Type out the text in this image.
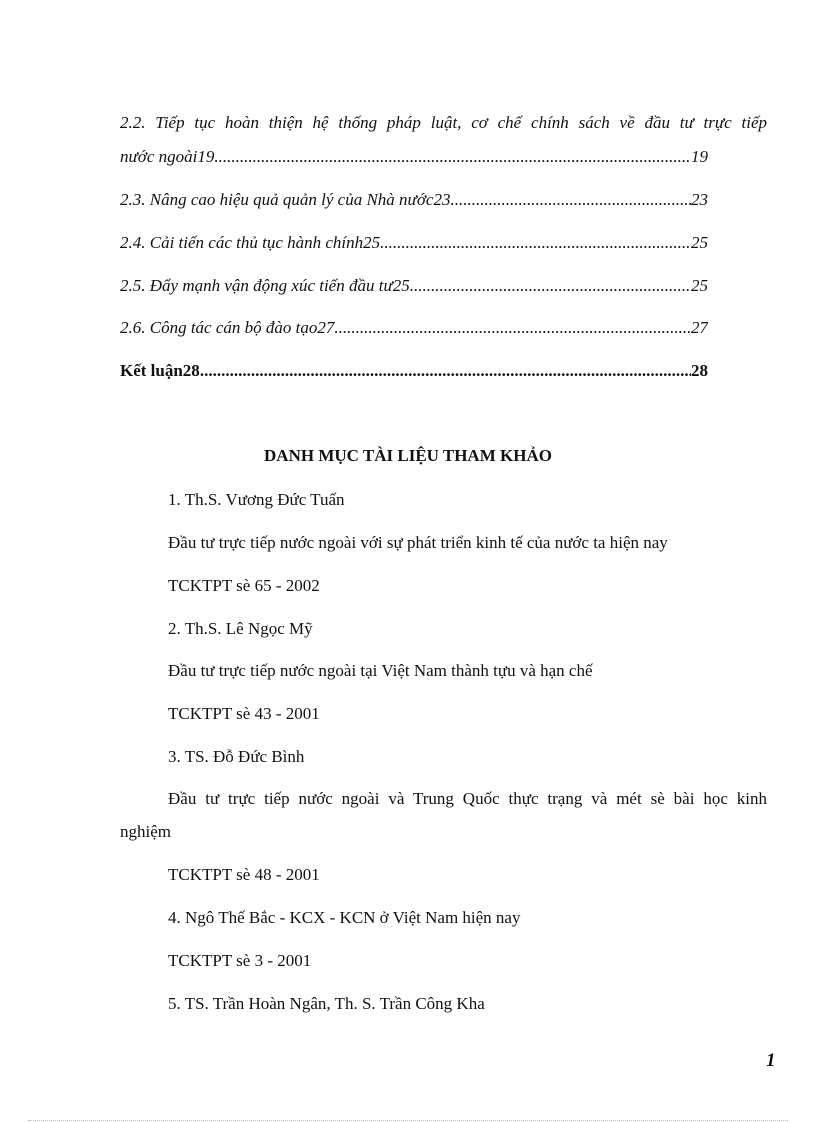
2.2. Tiếp tục hoàn thiện hệ thống pháp luật, cơ chế chính sách về đầu tư trực tiếp
nước ngoài19 .....	19
2.3. Nâng cao hiệu quả quản lý của Nhà nước23 .....	23
2.4. Cải tiến các thủ tục hành chính25 .....	25
2.5. Đẩy mạnh vận động xúc tiến đầu tư25 .....	25
2.6. Công tác cán bộ đào tạo27 .....	27
Kết luận28 .....	28
DANH MỤC TÀI LIỆU THAM KHẢO
1. Th.S. Vương Đức Tuấn
Đầu tư trực tiếp nước ngoài với sự phát triển kinh tế của nước ta hiện nay
TCKTPT sè 65 - 2002
2. Th.S. Lê Ngọc Mỹ
Đầu tư trực tiếp nước ngoài tại Việt Nam thành tựu và hạn chế
TCKTPT sè 43 - 2001
3. TS. Đỗ Đức Bình
Đầu tư trực tiếp nước ngoài và Trung Quốc thực trạng và mét sè bài học kinh
nghiệm
TCKTPT sè 48 - 2001
4. Ngô Thế Bắc - KCX - KCN ở Việt Nam hiện nay
TCKTPT sè 3 - 2001
5. TS. Trần Hoàn Ngân, Th. S. Trần Công Kha
1
